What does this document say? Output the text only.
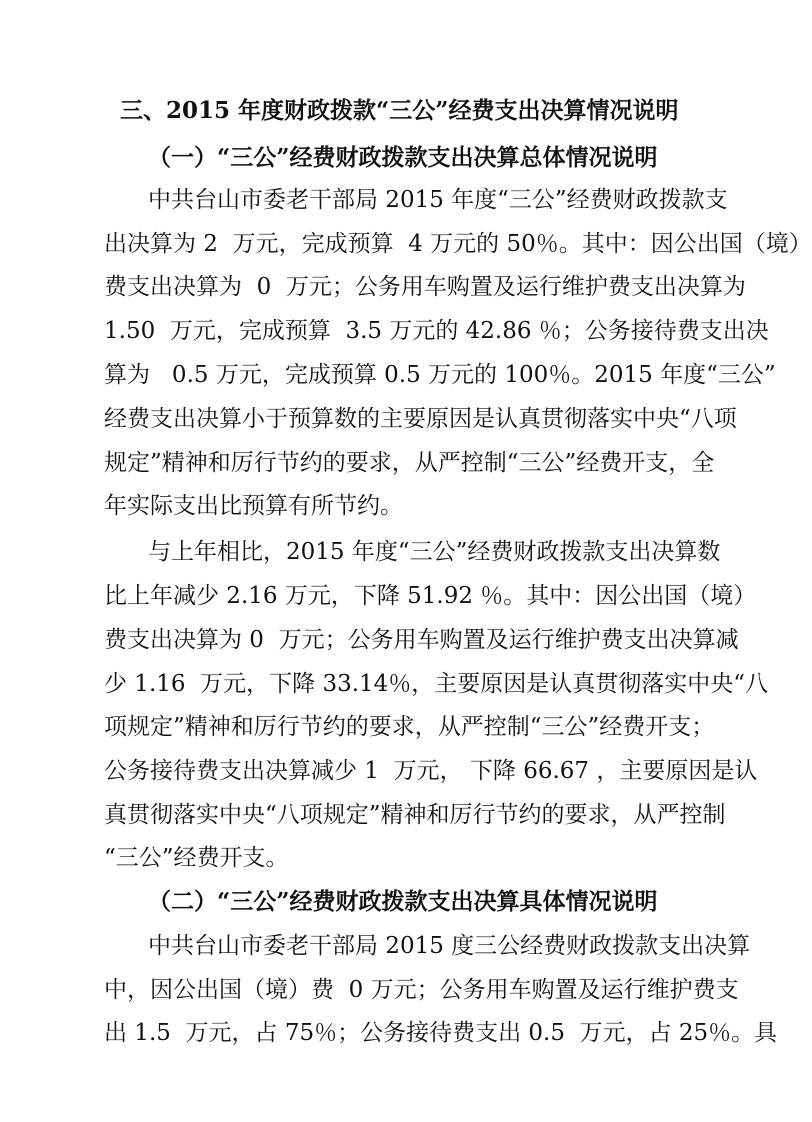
三、2015 年度财政拨款“三公”经费支出决算情况说明
（一）“三公”经费财政拨款支出决算总体情况说明
中共台山市委老干部局 2015 年度“三公”经费财政拨款支
出决算为 2  万元，完成预算  4 万元的 50％。其中：因公出国（境）
费支出决算为  0  万元；公务用车购置及运行维护费支出决算为
1.50  万元，完成预算  3.5 万元的 42.86 ％；公务接待费支出决
算为   0.5 万元，完成预算 0.5 万元的 100％。2015 年度“三公”
经费支出决算小于预算数的主要原因是认真贯彻落实中央“八项
规定”精神和厉行节约的要求，从严控制“三公”经费开支，全
年实际支出比预算有所节约。
与上年相比，2015 年度“三公”经费财政拨款支出决算数
比上年减少 2.16 万元，下降 51.92 ％。其中：因公出国（境）
费支出决算为 0  万元；公务用车购置及运行维护费支出决算减
少 1.16  万元，下降 33.14％，主要原因是认真贯彻落实中央“八
项规定”精神和厉行节约的要求，从严控制“三公”经费开支；
公务接待费支出决算减少 1  万元， 下降 66.67 ，主要原因是认
真贯彻落实中央“八项规定”精神和厉行节约的要求，从严控制
“三公”经费开支。
（二）“三公”经费财政拨款支出决算具体情况说明
中共台山市委老干部局 2015 度三公经费财政拨款支出决算
中，因公出国（境）费  0 万元；公务用车购置及运行维护费支
出 1.5  万元，占 75％；公务接待费支出 0.5  万元，占 25％。具
